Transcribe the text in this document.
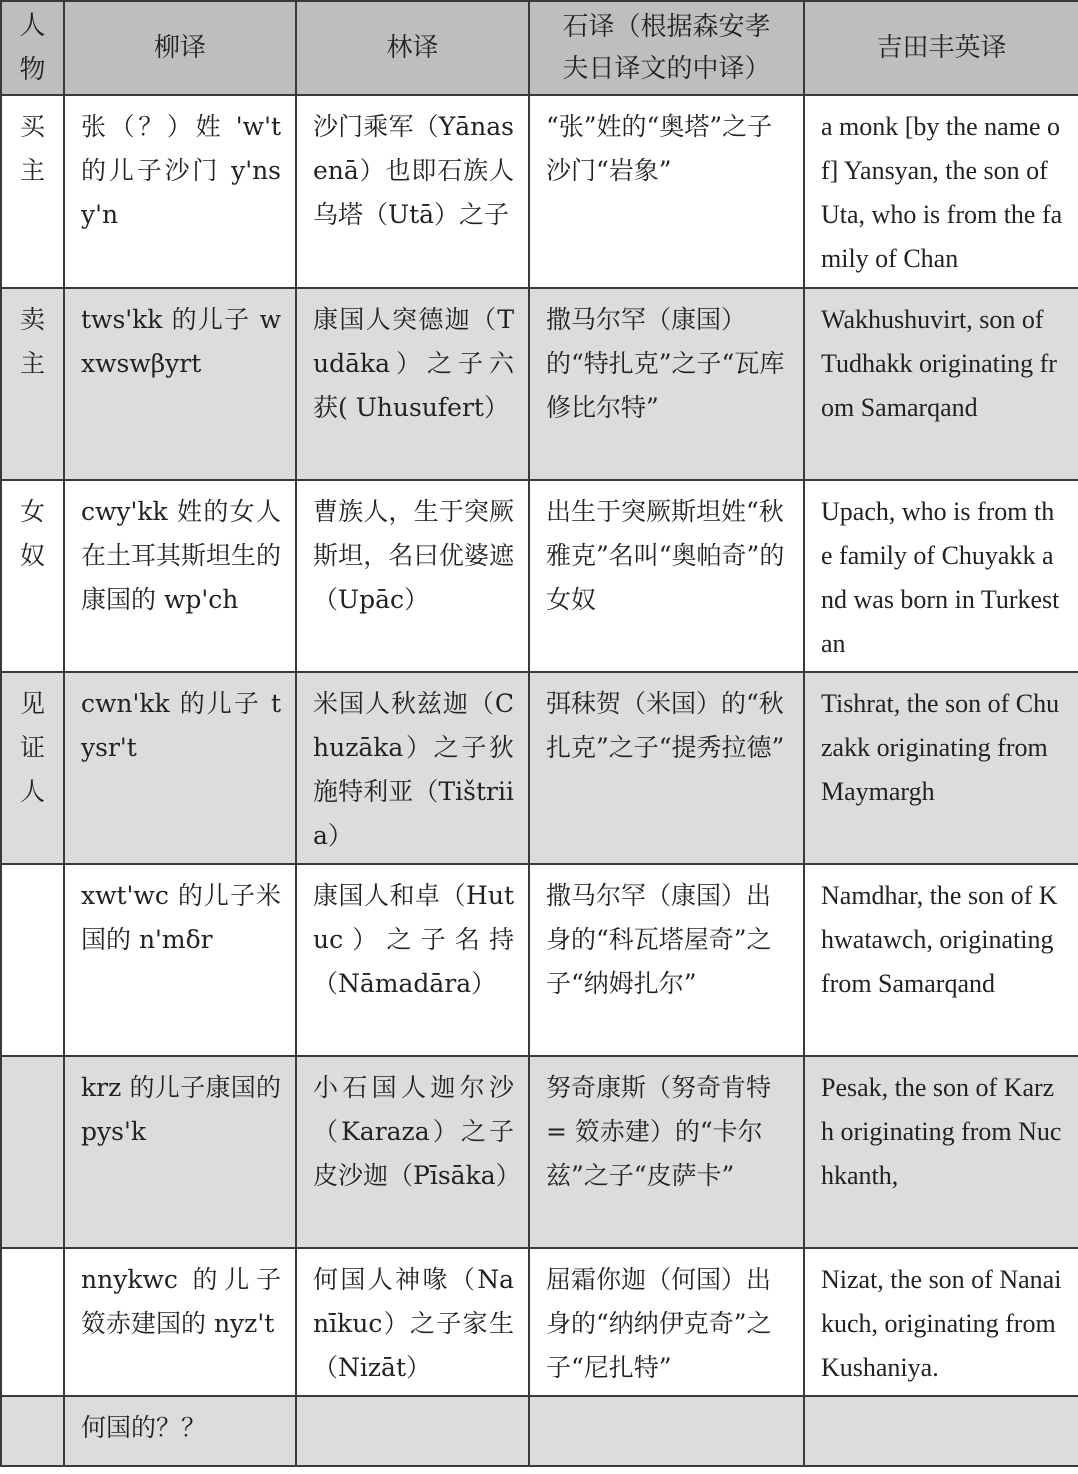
人物	柳译	林译	石译（根据森安孝夫日译文的中译）	吉田丰英译
买主	张（？）姓 'w't 的儿子沙门 y'nsy'n	沙门乘军（Yānasenā）也即石族人乌塔（Utā）之子	“张”姓的“奥塔”之子沙门“岩象”	a monk [by the name of] Yansyan, the son of Uta, who is from the family of Chan
卖主	tws'kk 的儿子 wxwswβyrt	康国人突德迦（Tudāka）之子六获( Uhusufert）	撒马尔罕（康国）的“特扎克”之子“瓦库修比尔特”	Wakhushuvirt, son of Tudhakk originating from Samarqand
女奴	cwy'kk 姓的女人在土耳其斯坦生的康国的 wp'ch	曹族人，生于突厥斯坦，名曰优婆遮（Upāc）	出生于突厥斯坦姓“秋雅克”名叫“奥帕奇”的女奴	Upach, who is from the family of Chuyakk and was born in Turkestan
见证人	cwn'kk 的儿子 tysr't	米国人秋兹迦（Chuzāka）之子狄施特利亚（Tištriia）	弭秣贺（米国）的“秋扎克”之子“提秀拉德”	Tishrat, the son of Chuzakk originating from Maymargh
	xwt'wc 的儿子米国的 n'mδr	康国人和卓（Hutuc）之子名持（Nāmadāra）	撒马尔罕（康国）出身的“科瓦塔屋奇”之子“纳姆扎尔”	Namdhar, the son of Khwatawch, originating from Samarqand
	krz 的儿子康国的 pys'k	小石国人迦尔沙（Karaza）之子皮沙迦（Pīsāka）	努奇康斯（努奇肯特 = 笯赤建）的“卡尔兹”之子“皮萨卡”	Pesak, the son of Karzh originating from Nuchkanth,
	nnykwc 的儿子笯赤建国的 nyz't	何国人神喙（Nanīkuc）之子家生（Nizāt）	屈霜你迦（何国）出身的“纳纳伊克奇”之子“尼扎特”	Nizat, the son of Nanaikuch, originating from Kushaniya.
	何国的？？			
